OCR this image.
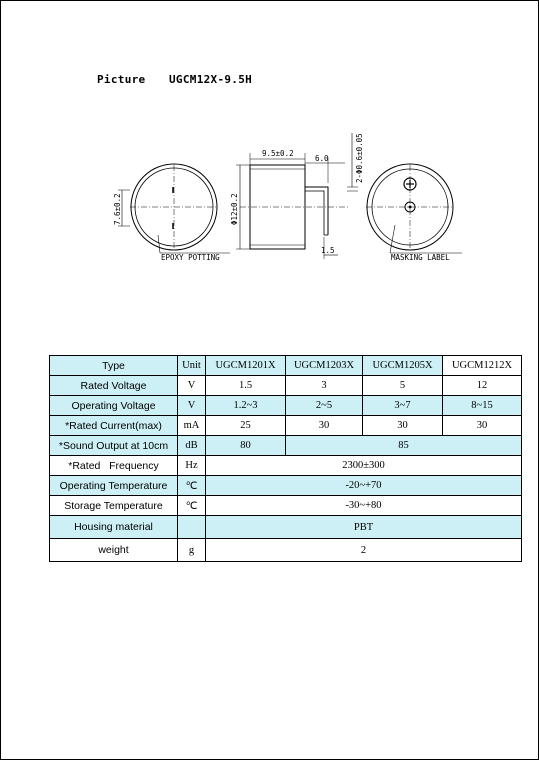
Picture UGCM12X-9.5H
7.6±0.2
EPOXY POTTING
9.5±0.2
6.0	2-Φ0.6±0.05
Φ12±0.2
1.5
MASKING LABEL
Type	Unit	UGCM1201X	UGCM1203X	UGCM1205X	UGCM1212X
Rated Voltage	V	1.5	3	5	12
Operating Voltage	V	1.2~3	2~5	3~7	8~15
*Rated Current(max)	mA	25	30	30	30
*Sound Output at 10cm	dB	80	85		
*Rated   Frequency	Hz	2300±300			
Operating Temperature	℃	-20~+70			
Storage Temperature	℃	-30~+80			
Housing material		PBT			
weight	g	2			
